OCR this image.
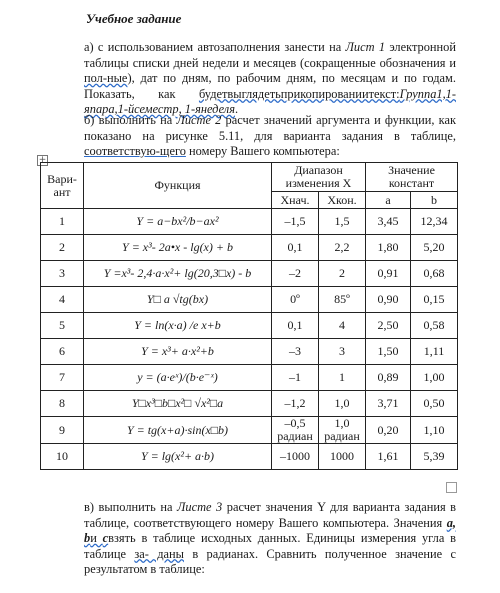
Учебное задание
а) с использованием автозаполнения занести на Лист 1 электронной таблицы списки дней недели и месяцев (сокращенные обозначения и пол-ные), дат по дням, по рабочим дням, по месяцам и по годам. Показать, как будетвыглядетьприкопированиитекст:Группа1,1-япара,1-йсеместр, 1-янеделя.
б) выполнить на Листе 2 расчет значений аргумента и функции, как показано на рисунке 5.11, для варианта задания в таблице, соответствую-щего номеру Вашего компьютера:
+
Вари-ант	Функция	Диапазон изменения X		Значение констант	
		Xнач.	Xкон.	a	b
1	Y = a−bx²/b−ax²	–1,5	1,5	3,45	12,34
2	Y = x³- 2a•x - lg(x) + b	0,1	2,2	1,80	5,20
3	Y =x³- 2,4·a·x²+ lg(20,3□x) - b	–2	2	0,91	0,68
4	Y□ a √tg(bx)	0º	85º	0,90	0,15
5	Y = ln(x·a) /e x+b	0,1	4	2,50	0,58
6	Y = x³+ a·x²+b	–3	3	1,50	1,11
7	y = (a·eˣ)/(b·e⁻ˣ)	–1	1	0,89	1,00
8	Y□x³□b□x²□ √x²□a	–1,2	1,0	3,71	0,50
9	Y = tg(x+a)·sin(x□b)	–0,5 радиан	1,0 радиан	0,20	1,10
10	Y = lg(x²+ a·b)	–1000	1000	1,61	5,39
в) выполнить на Листе 3 расчет значения Y для варианта задания в таблице, соответствующего номеру Вашего компьютера. Значения a, bи cвзять в таблице исходных данных. Единицы измерения угла в таблице за- даны в радианах. Сравнить полученное значение с результатом в таблице:
